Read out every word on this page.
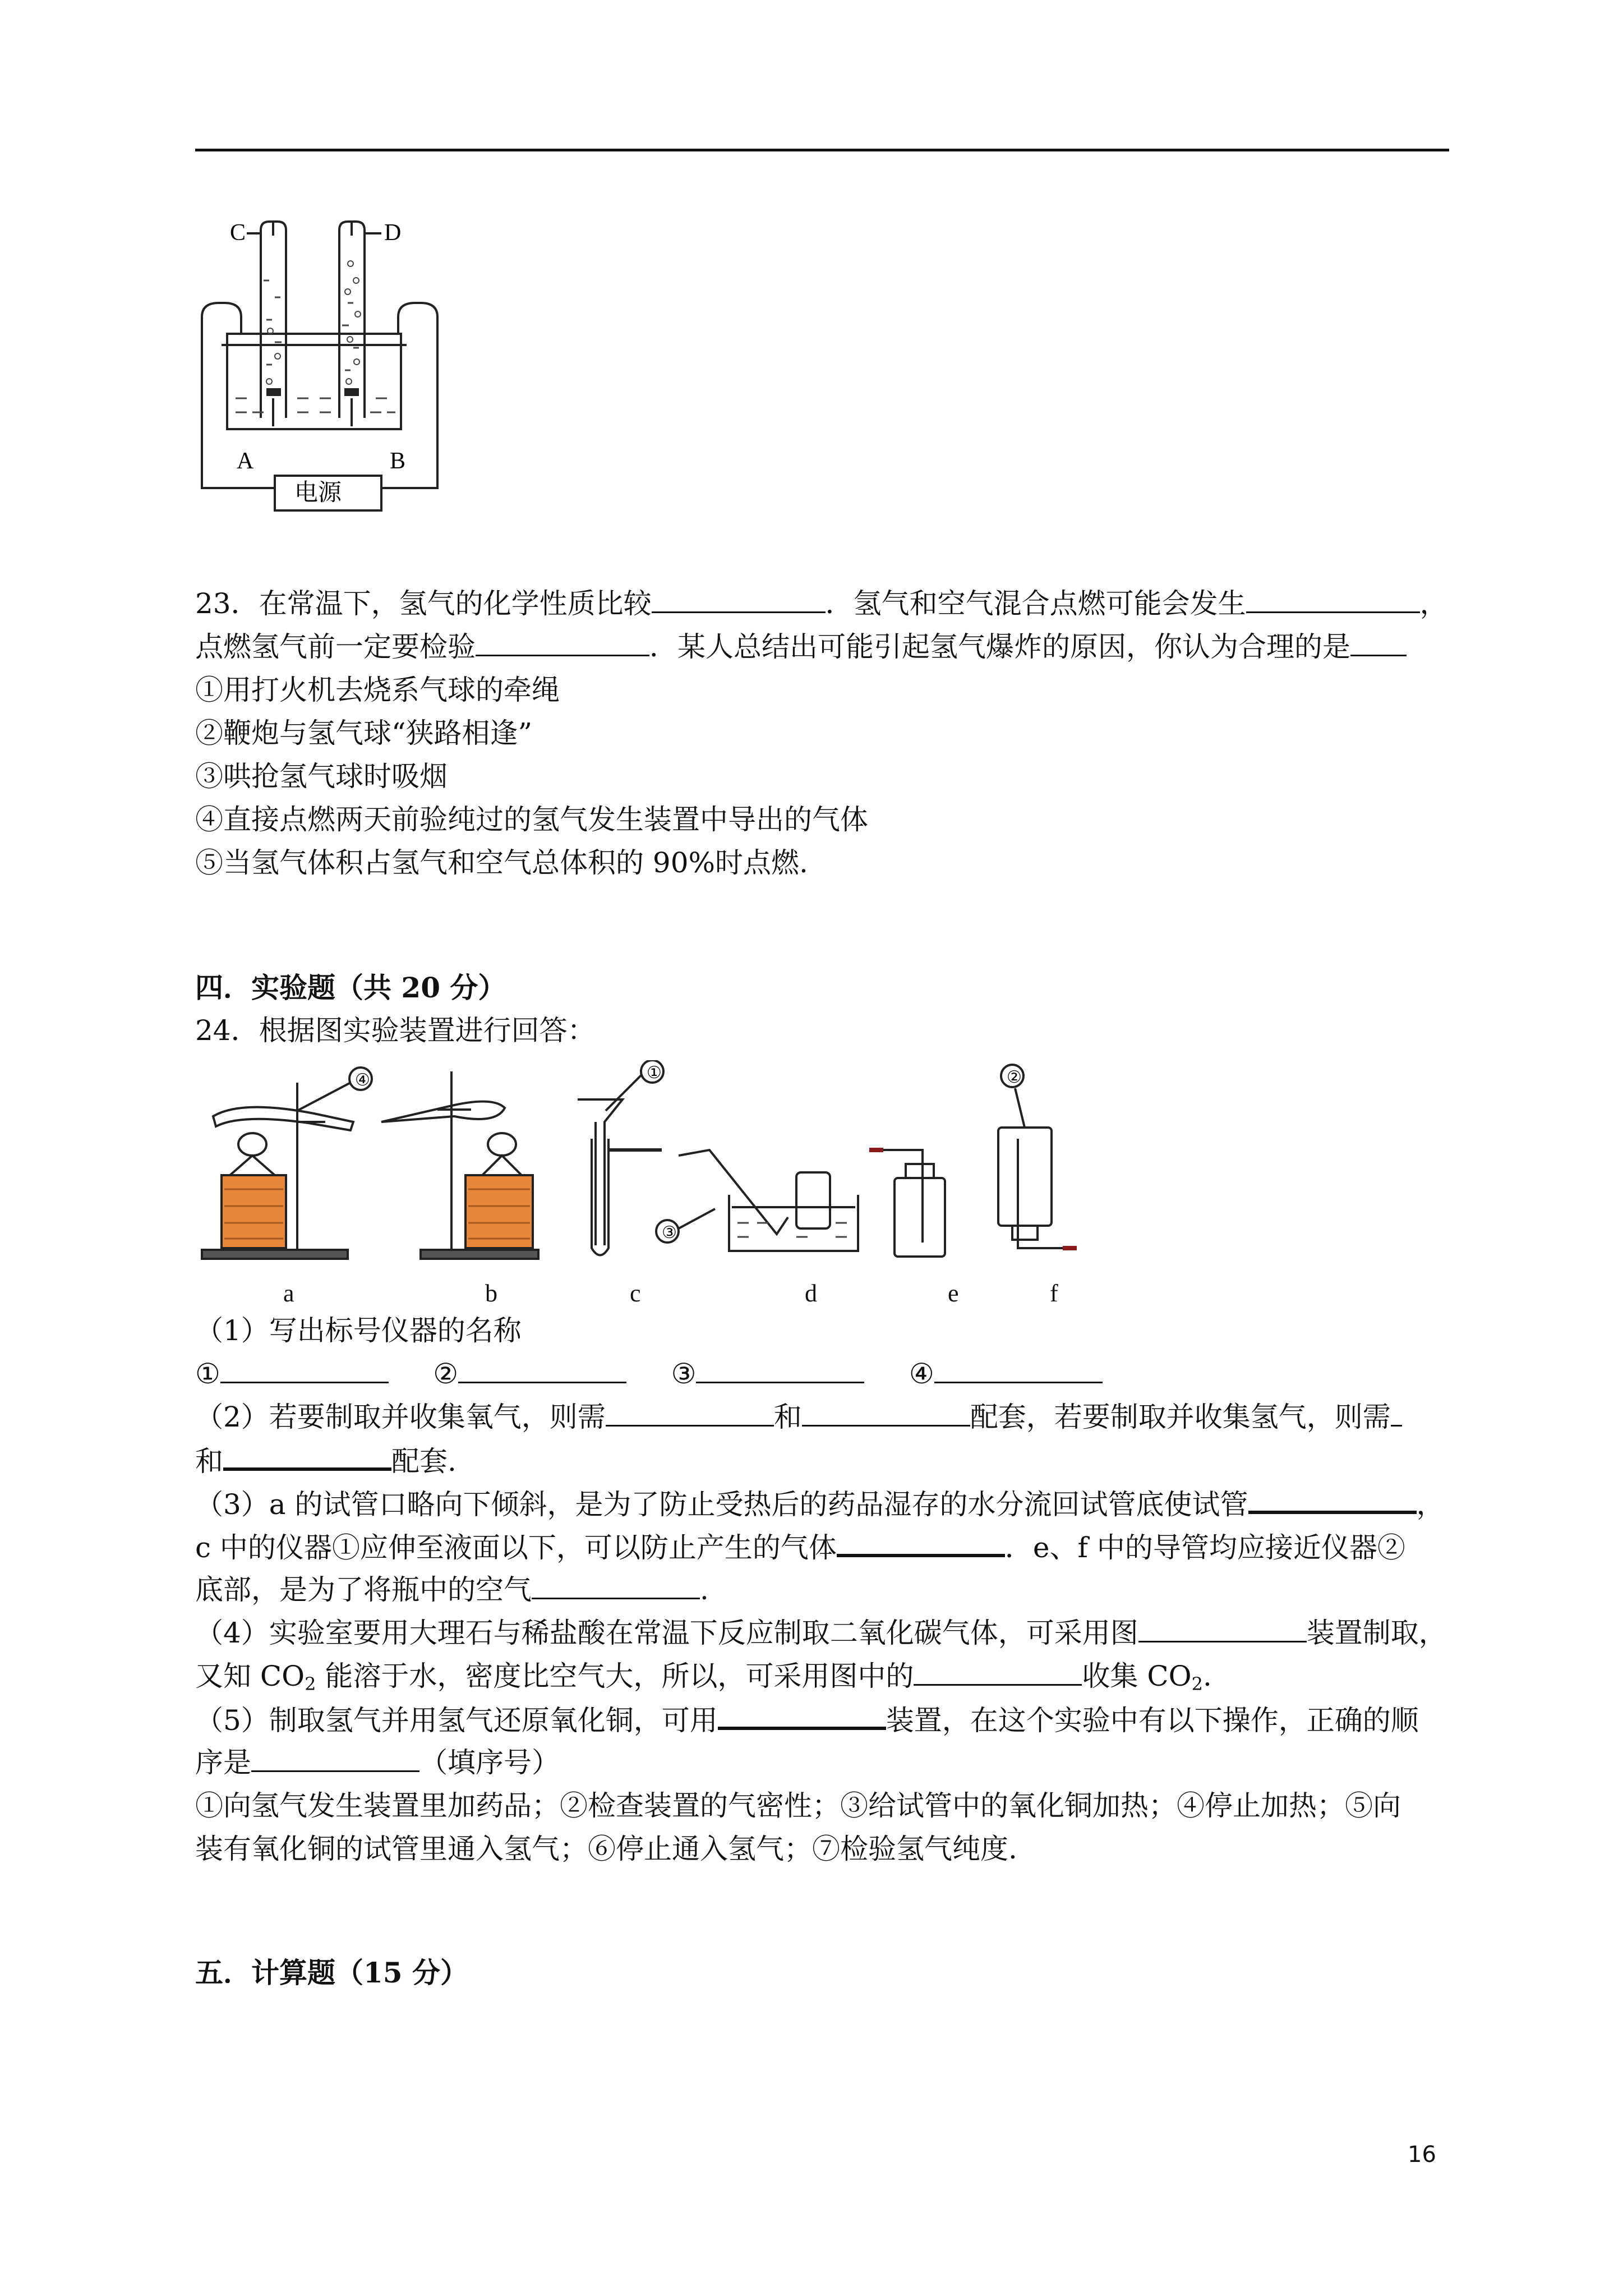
C	D
A	B
电源
23．在常温下，氢气的化学性质比较	．氢气和空气混合点燃可能会发生	，
点燃氢气前一定要检验	．某人总结出可能引起氢气爆炸的原因，你认为合理的是
①用打火机去烧系气球的牵绳
②鞭炮与氢气球“狭路相逢”
③哄抢氢气球时吸烟
④直接点燃两天前验纯过的氢气发生装置中导出的气体
⑤当氢气体积占氢气和空气总体积的 90%时点燃.
四．实验题（共 20 分）
24．根据图实验装置进行回答：
④	①
③
②
a	b	c	d	e	f
（1）写出标号仪器的名称
①	②	③	④
（2）若要制取并收集氧气，则需	和	配套，若要制取并收集氢气，则需
和	配套.
（3）a 的试管口略向下倾斜，是为了防止受热后的药品湿存的水分流回试管底使试管	，
c 中的仪器①应伸至液面以下，可以防止产生的气体	．e、f 中的导管均应接近仪器②
底部，是为了将瓶中的空气	.
（4）实验室要用大理石与稀盐酸在常温下反应制取二氧化碳气体，可采用图	装置制取，
又知 $CO_2$ 能溶于水，密度比空气大，所以，可采用图中的	收集 $CO_2$.
（5）制取氢气并用氢气还原氧化铜，可用	装置，在这个实验中有以下操作，正确的顺
序是	（填序号）
①向氢气发生装置里加药品；②检查装置的气密性；③给试管中的氧化铜加热；④停止加热；⑤向
装有氧化铜的试管里通入氢气；⑥停止通入氢气；⑦检验氢气纯度.
五．计算题（15 分）
16
